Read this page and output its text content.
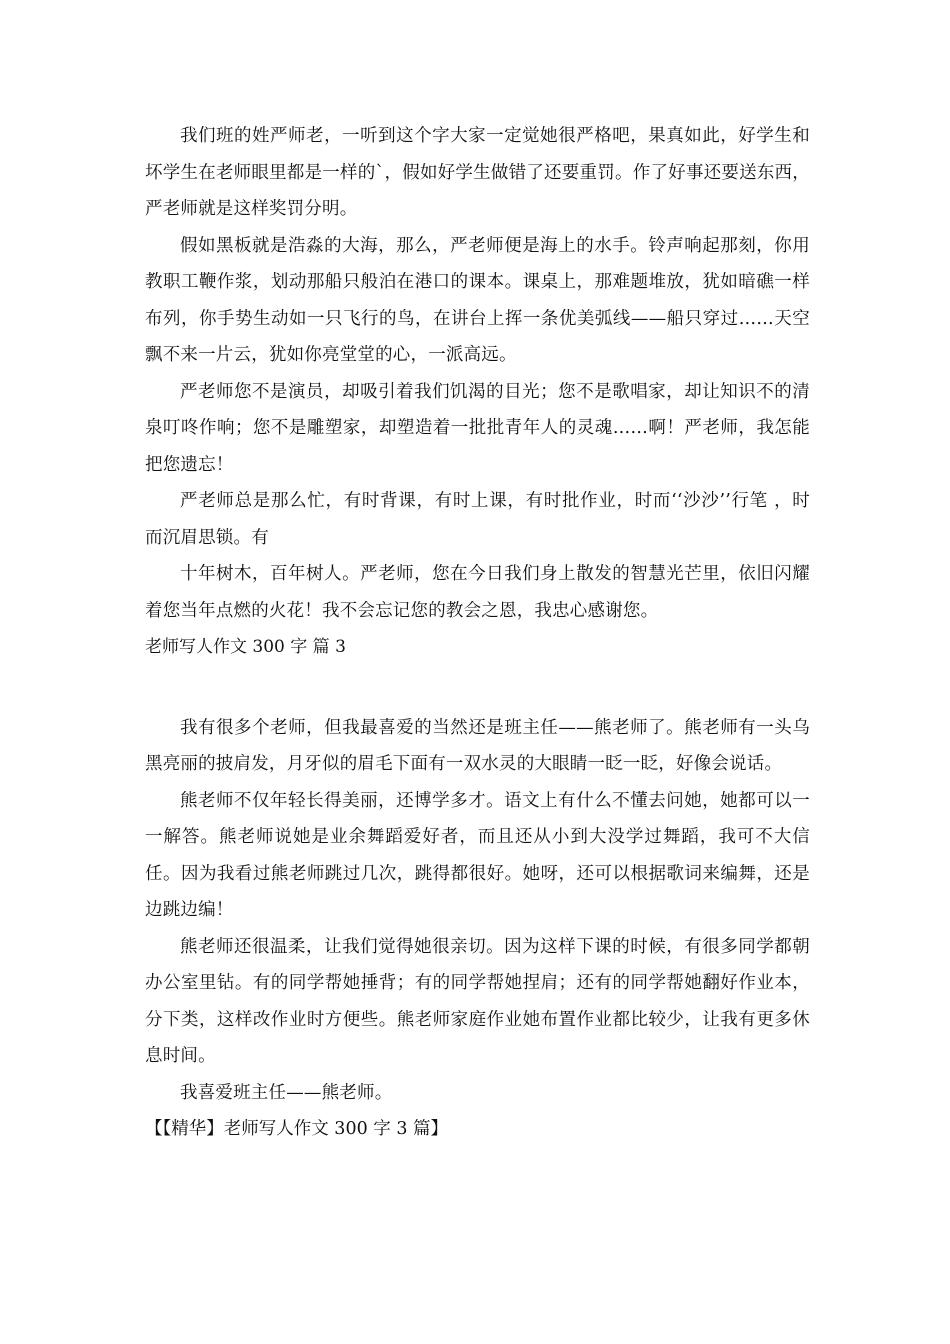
我们班的姓严师老，一听到这个字大家一定觉她很严格吧，果真如此，好学生和坏学生在老师眼里都是一样的`，假如好学生做错了还要重罚。作了好事还要送东西，严老师就是这样奖罚分明。

假如黑板就是浩淼的大海，那么，严老师便是海上的水手。铃声响起那刻，你用教职工鞭作浆，划动那船只般泊在港口的课本。课桌上，那难题堆放，犹如暗礁一样布列，你手势生动如一只飞行的鸟，在讲台上挥一条优美弧线——船只穿过……天空飘不来一片云，犹如你亮堂堂的心，一派高远。

严老师您不是演员，却吸引着我们饥渴的目光；您不是歌唱家，却让知识不的清泉叮咚作响；您不是雕塑家，却塑造着一批批青年人的灵魂……啊！严老师，我怎能把您遗忘！

严老师总是那么忙，有时背课，有时上课，有时批作业，时而‘‘沙沙’’行笔 ，时而沉眉思锁。有

十年树木，百年树人。严老师，您在今日我们身上散发的智慧光芒里，依旧闪耀着您当年点燃的火花！我不会忘记您的教会之恩，我忠心感谢您。

老师写人作文 300 字 篇 3

我有很多个老师，但我最喜爱的当然还是班主任——熊老师了。熊老师有一头乌黑亮丽的披肩发，月牙似的眉毛下面有一双水灵的大眼睛一眨一眨，好像会说话。

熊老师不仅年轻长得美丽，还博学多才。语文上有什么不懂去问她，她都可以一一解答。熊老师说她是业余舞蹈爱好者，而且还从小到大没学过舞蹈，我可不大信任。因为我看过熊老师跳过几次，跳得都很好。她呀，还可以根据歌词来编舞，还是边跳边编！

熊老师还很温柔，让我们觉得她很亲切。因为这样下课的时候，有很多同学都朝办公室里钻。有的同学帮她捶背；有的同学帮她捏肩；还有的同学帮她翻好作业本，分下类，这样改作业时方便些。熊老师家庭作业她布置作业都比较少，让我有更多休息时间。

我喜爱班主任——熊老师。

【【精华】老师写人作文 300 字 3 篇】
